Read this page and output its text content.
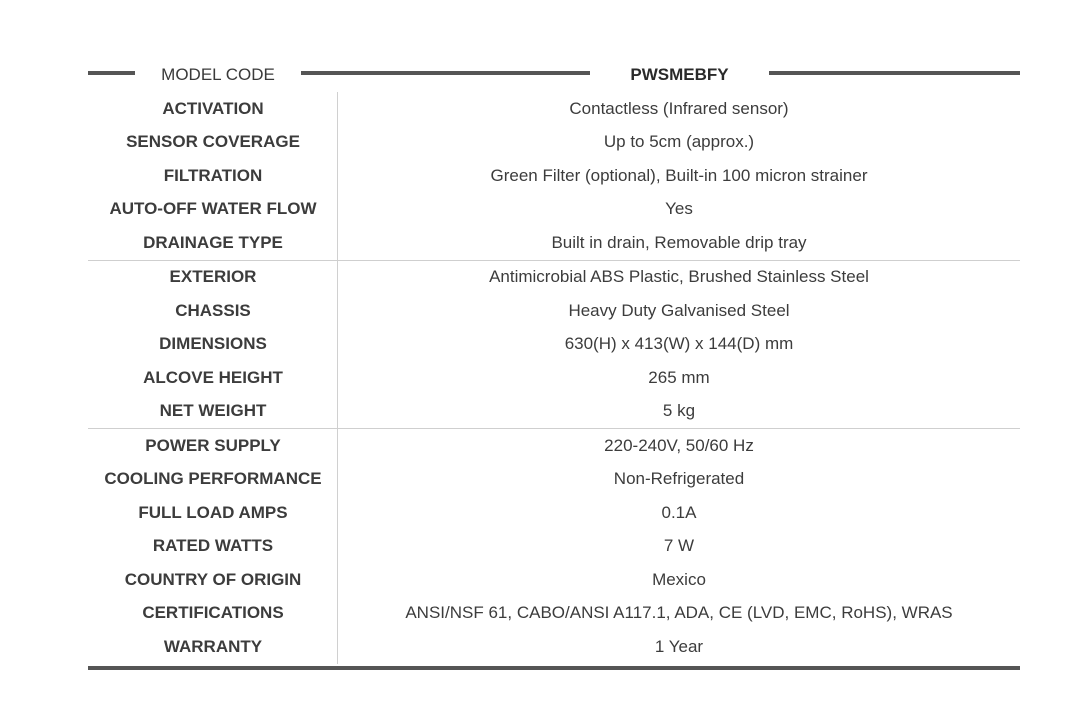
MODEL CODE	PWSMEBFY
ACTIVATION	Contactless (Infrared sensor)
SENSOR COVERAGE	Up to 5cm (approx.)
FILTRATION	Green Filter (optional), Built-in 100 micron strainer
AUTO-OFF WATER FLOW	Yes
DRAINAGE TYPE	Built in drain, Removable drip tray
EXTERIOR	Antimicrobial ABS Plastic, Brushed Stainless Steel
CHASSIS	Heavy Duty Galvanised Steel
DIMENSIONS	630(H) x 413(W) x 144(D) mm
ALCOVE HEIGHT	265 mm
NET WEIGHT	5 kg
POWER SUPPLY	220-240V, 50/60 Hz
COOLING PERFORMANCE	Non-Refrigerated
FULL LOAD AMPS	0.1A
RATED WATTS	7 W
COUNTRY OF ORIGIN	Mexico
CERTIFICATIONS	ANSI/NSF 61, CABO/ANSI A117.1, ADA, CE (LVD, EMC, RoHS), WRAS
WARRANTY	1 Year
